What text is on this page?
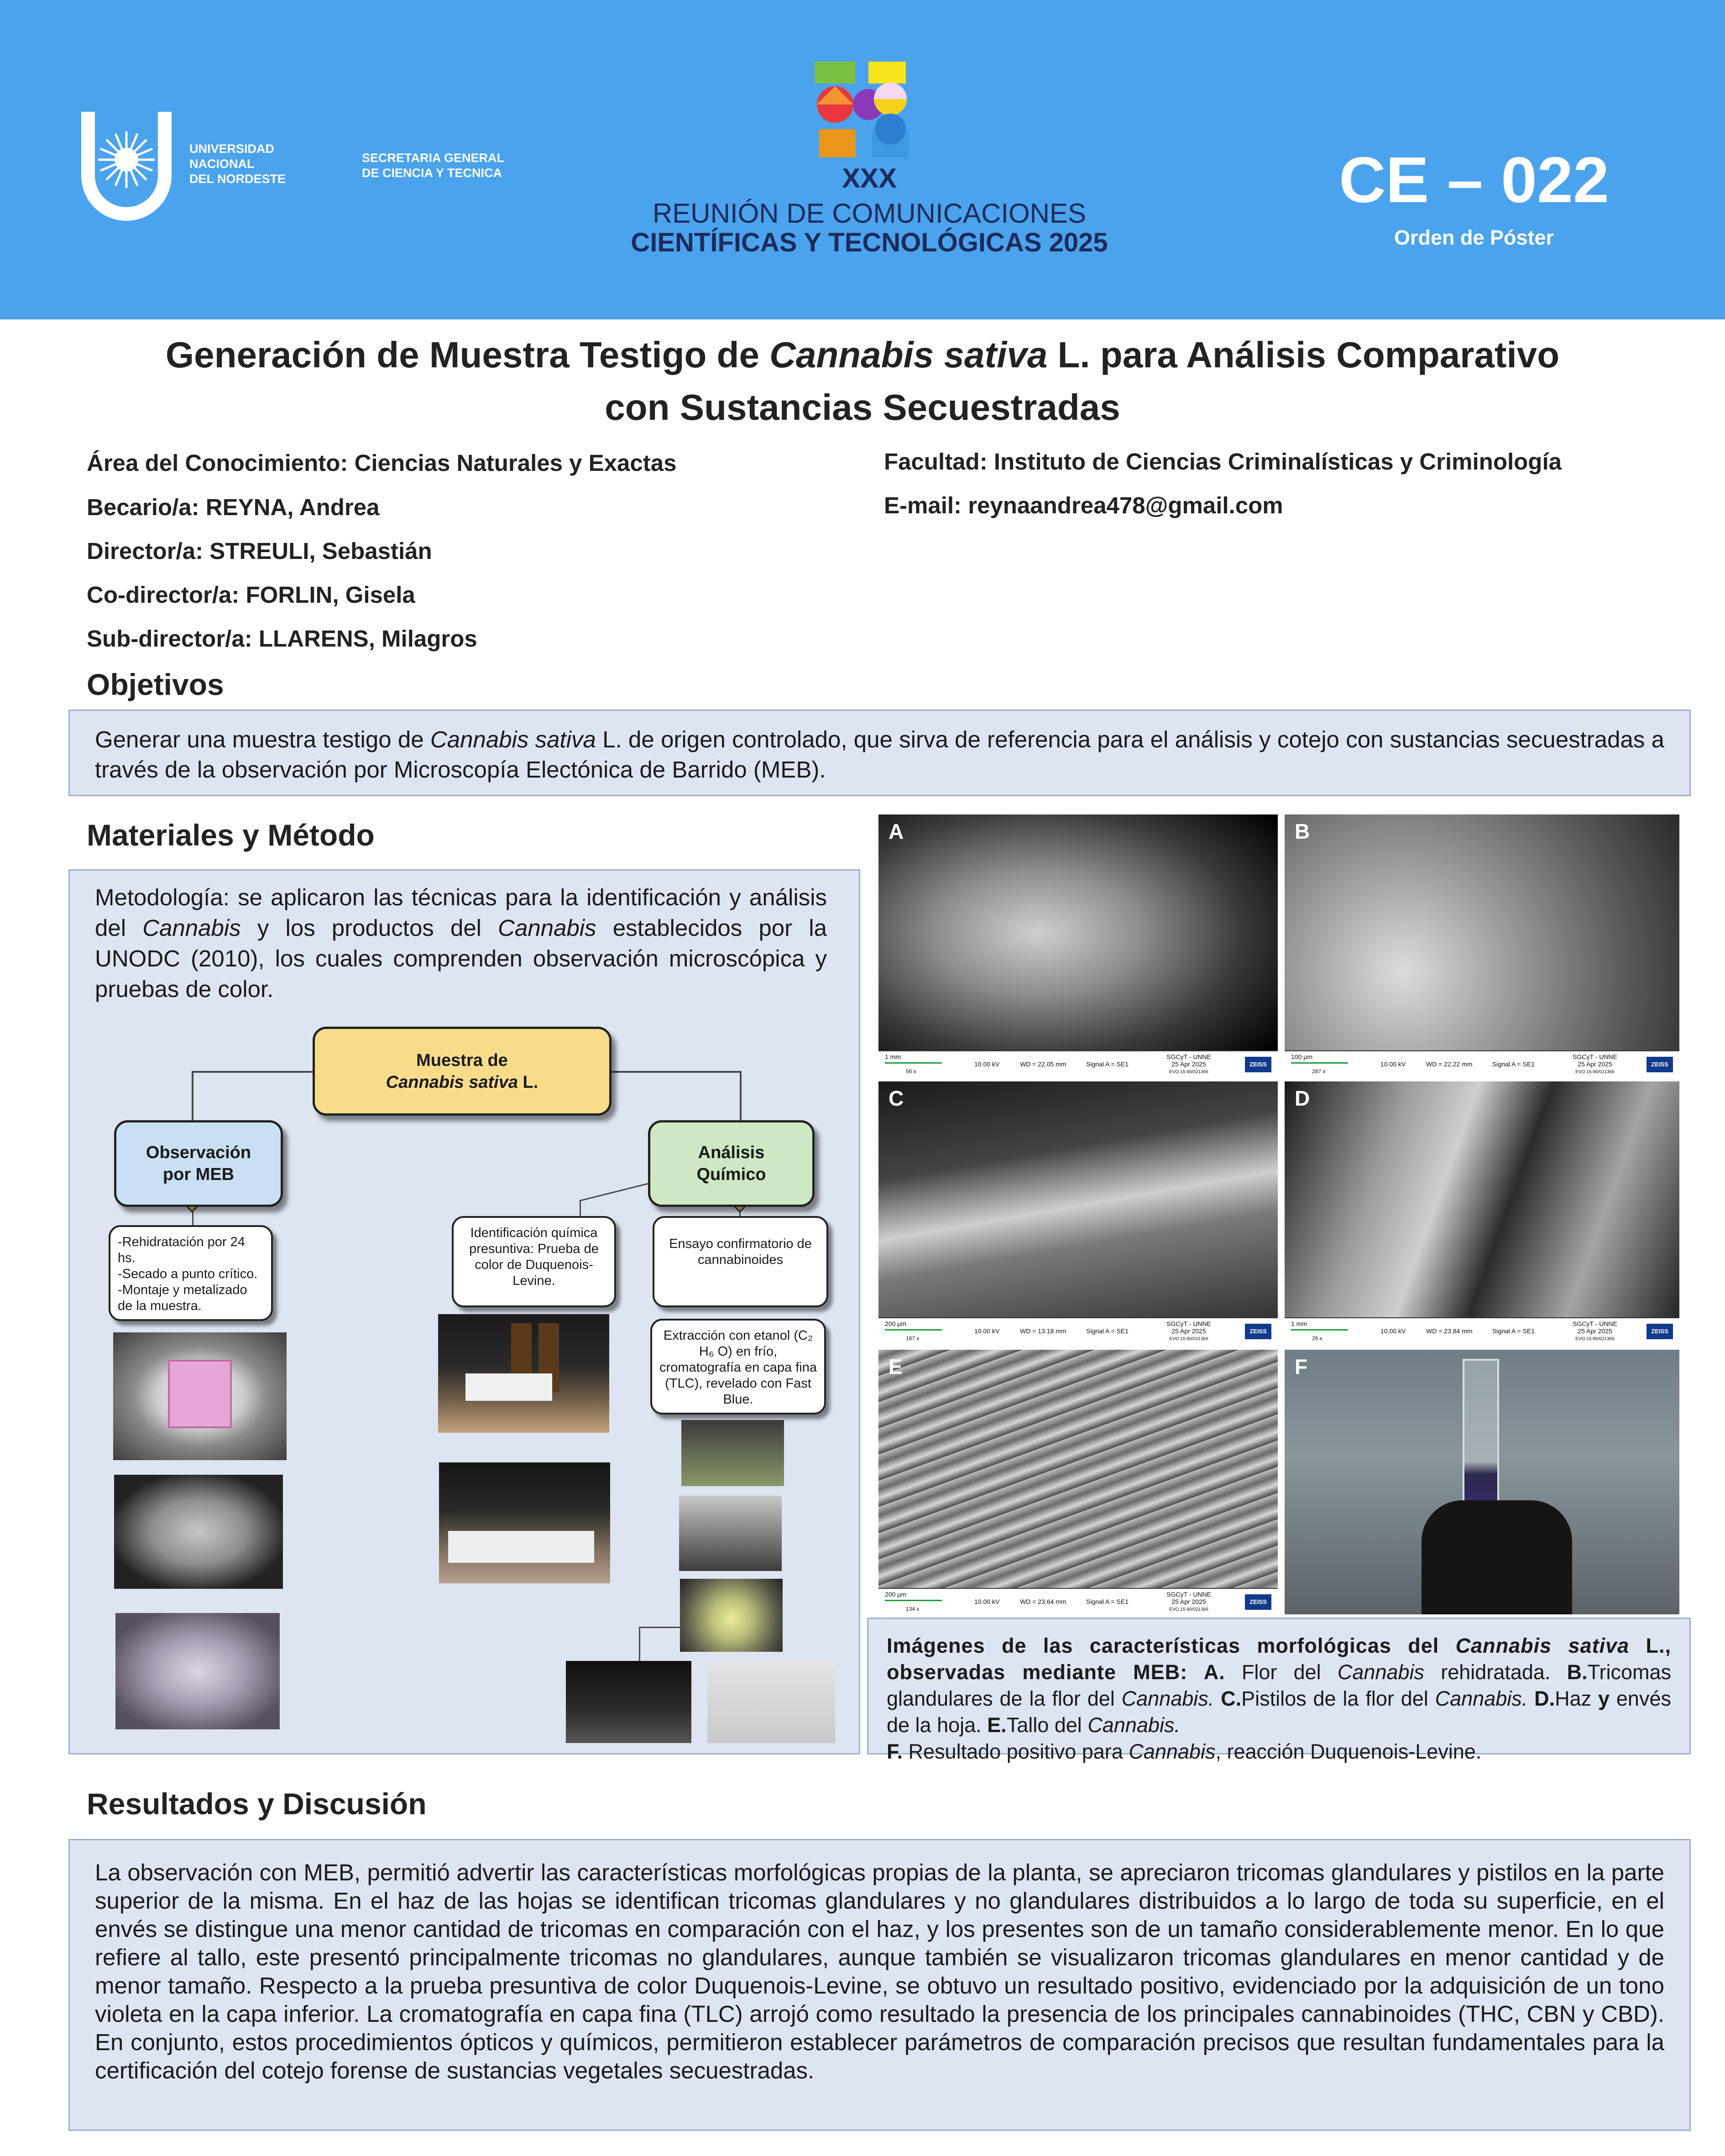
UNIVERSIDAD
NACIONAL
DEL NORDESTE
SECRETARIA GENERAL
DE CIENCIA Y TECNICA	XXX
REUNIÓN DE COMUNICACIONES
CIENTÍFICAS Y TECNOLÓGICAS 2025
CE – 022
Orden de Póster
Generación de Muestra Testigo de Cannabis sativa L. para Análisis Comparativo
con Sustancias Secuestradas
Área del Conocimiento: Ciencias Naturales y Exactas
Becario/a: REYNA, Andrea
Director/a: STREULI, Sebastián
Co-director/a: FORLIN, Gisela
Sub-director/a: LLARENS, Milagros
Facultad: Instituto de Ciencias Criminalísticas y Criminología
E-mail: reynaandrea478@gmail.com
Objetivos
Generar una muestra testigo de Cannabis sativa L. de origen controlado, que sirva de referencia para el análisis y cotejo con sustancias secuestradas a través de la observación por Microscopía Electónica de Barrido (MEB).
Materiales y Método
Metodología: se aplicaron las técnicas para la identificación y análisis del Cannabis y los productos del Cannabis establecidos por la UNODC (2010), los cuales comprenden observación microscópica y pruebas de color.
Muestra de
Cannabis sativa L.
Observación por MEB
Análisis Químico
-Rehidratación por 24 hs.
-Secado a punto crítico.
-Montaje y metalizado de la muestra.
Identificación química presuntiva: Prueba de color de Duquenois-Levine.
Ensayo confirmatorio de cannabinoides
Extracción con etanol (C₂ H₆ O) en frío, cromatografía en capa fina (TLC), revelado con Fast Blue.
A
1 mm
56 x
10.00 kV	WD = 22.05 mm	Signal A = SE1
SGCyT - UNNE
25 Apr 2025
EVO 15-90/021366
ZEISS
B
100 µm
287 x
10.00 kV	WD = 22.22 mm	Signal A = SE1
SGCyT - UNNE
25 Apr 2025
EVO 15-90/021366
ZEISS
C
200 µm
187 x
10.00 kV	WD = 13.18 mm	Signal A = SE1
SGCyT - UNNE
25 Apr 2025
EVO 15-90/021366
ZEISS
D
1 mm
26 x
10.00 kV	WD = 23.84 mm	Signal A = SE1
SGCyT - UNNE
25 Apr 2025
EVO 15-90/021366
ZEISS
E
200 µm
134 x
10.00 kV	WD = 23.64 mm	Signal A = SE1
SGCyT - UNNE
25 Apr 2025
EVO 15-90/021366
ZEISS
F
Imágenes de las características morfológicas del Cannabis sativa L., observadas mediante MEB: A. Flor del Cannabis rehidratada. B.Tricomas glandulares de la flor del Cannabis. C.Pistilos de la flor del Cannabis. D.Haz y envés de la hoja. E.Tallo del Cannabis.
F. Resultado positivo para Cannabis, reacción Duquenois-Levine.
Resultados y Discusión
La observación con MEB, permitió advertir las características morfológicas propias de la planta, se apreciaron tricomas glandulares y pistilos en la parte superior de la misma. En el haz de las hojas se identifican tricomas glandulares y no glandulares distribuidos a lo largo de toda su superficie, en el envés se distingue una menor cantidad de tricomas en comparación con el haz, y los presentes son de un tamaño considerablemente menor. En lo que refiere al tallo, este presentó principalmente tricomas no glandulares, aunque también se visualizaron tricomas glandulares en menor cantidad y de menor tamaño. Respecto a la prueba presuntiva de color Duquenois-Levine, se obtuvo un resultado positivo, evidenciado por la adquisición de un tono violeta en la capa inferior. La cromatografía en capa fina (TLC) arrojó como resultado la presencia de los principales cannabinoides (THC, CBN y CBD). En conjunto, estos procedimientos ópticos y químicos, permitieron establecer parámetros de comparación precisos que resultan fundamentales para la certificación del cotejo forense de sustancias vegetales secuestradas.
